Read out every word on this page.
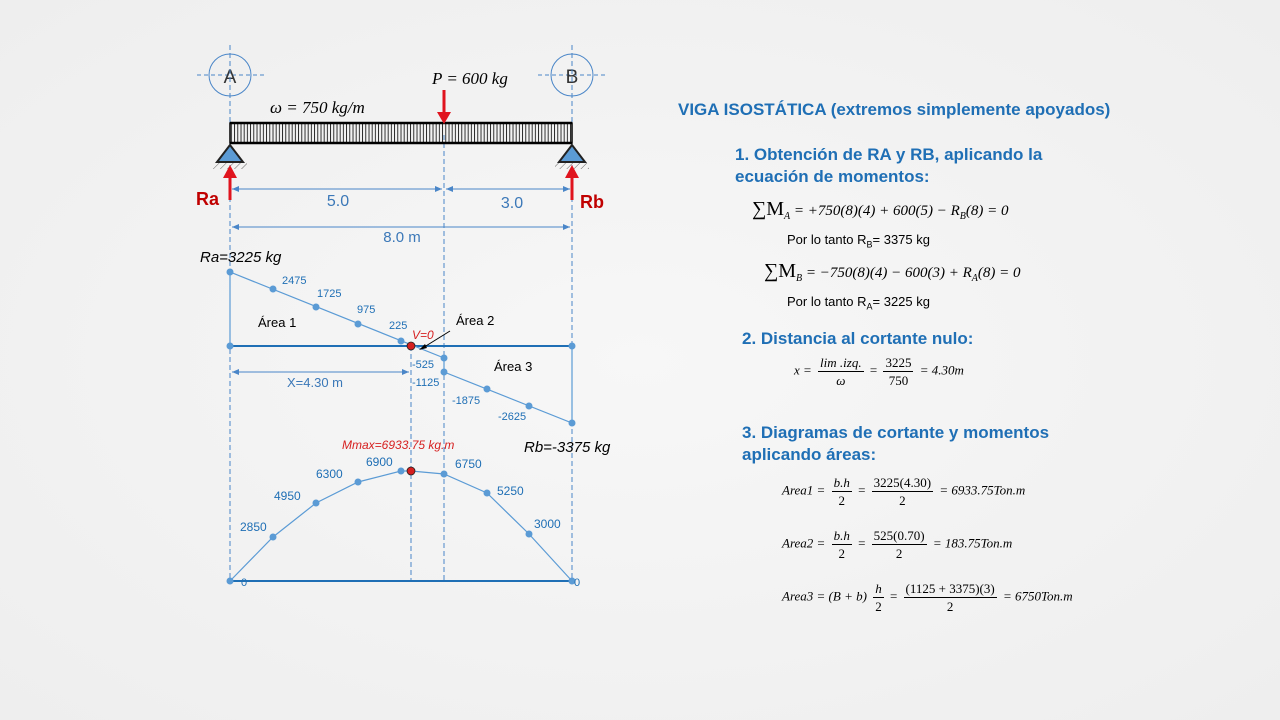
A	B
P = 600 kg
ω = 750 kg/m
Ra	Rb
5.0	3.0
8.0 m
Ra=3225 kg
2475
1725
975
225
-525
-1125
-1875
-2625
V=0
Área 1	Área 2
Área 3
X=4.30 m
Rb=-3375 kg
Mmax=6933.75 kg.m
0
2850
4950
6300
6900	6750
5250
3000
0
VIGA ISOSTÁTICA (extremos simplemente apoyados)
1. Obtención de RA y RB, aplicando la
ecuación de momentos:
$\sum M_A = +750(8)(4) + 600(5) - R_B(8) = 0$
Por lo tanto $R_B= 3375$ kg
$\sum M_B = -750(8)(4) - 600(3) + R_A(8) = 0$
Por lo tanto $R_A= 3225$ kg
2. Distancia al cortante nulo:
$x = \frac{\text{lim .izq.}}{\omega} = \frac{3225}{750} = 4.30m$
3. Diagramas de cortante y momentos
aplicando áreas:
Area1 = $\frac{b.h}{2} = \frac{3225(4.30)}{2} = 6933.75Ton.m$
Area2 = $\frac{b.h}{2} = \frac{525(0.70)}{2} = 183.75Ton.m$
Area3 = $(B + b) \frac{h}{2} = \frac{(1125 + 3375)(3)}{2} = 6750Ton.m$
